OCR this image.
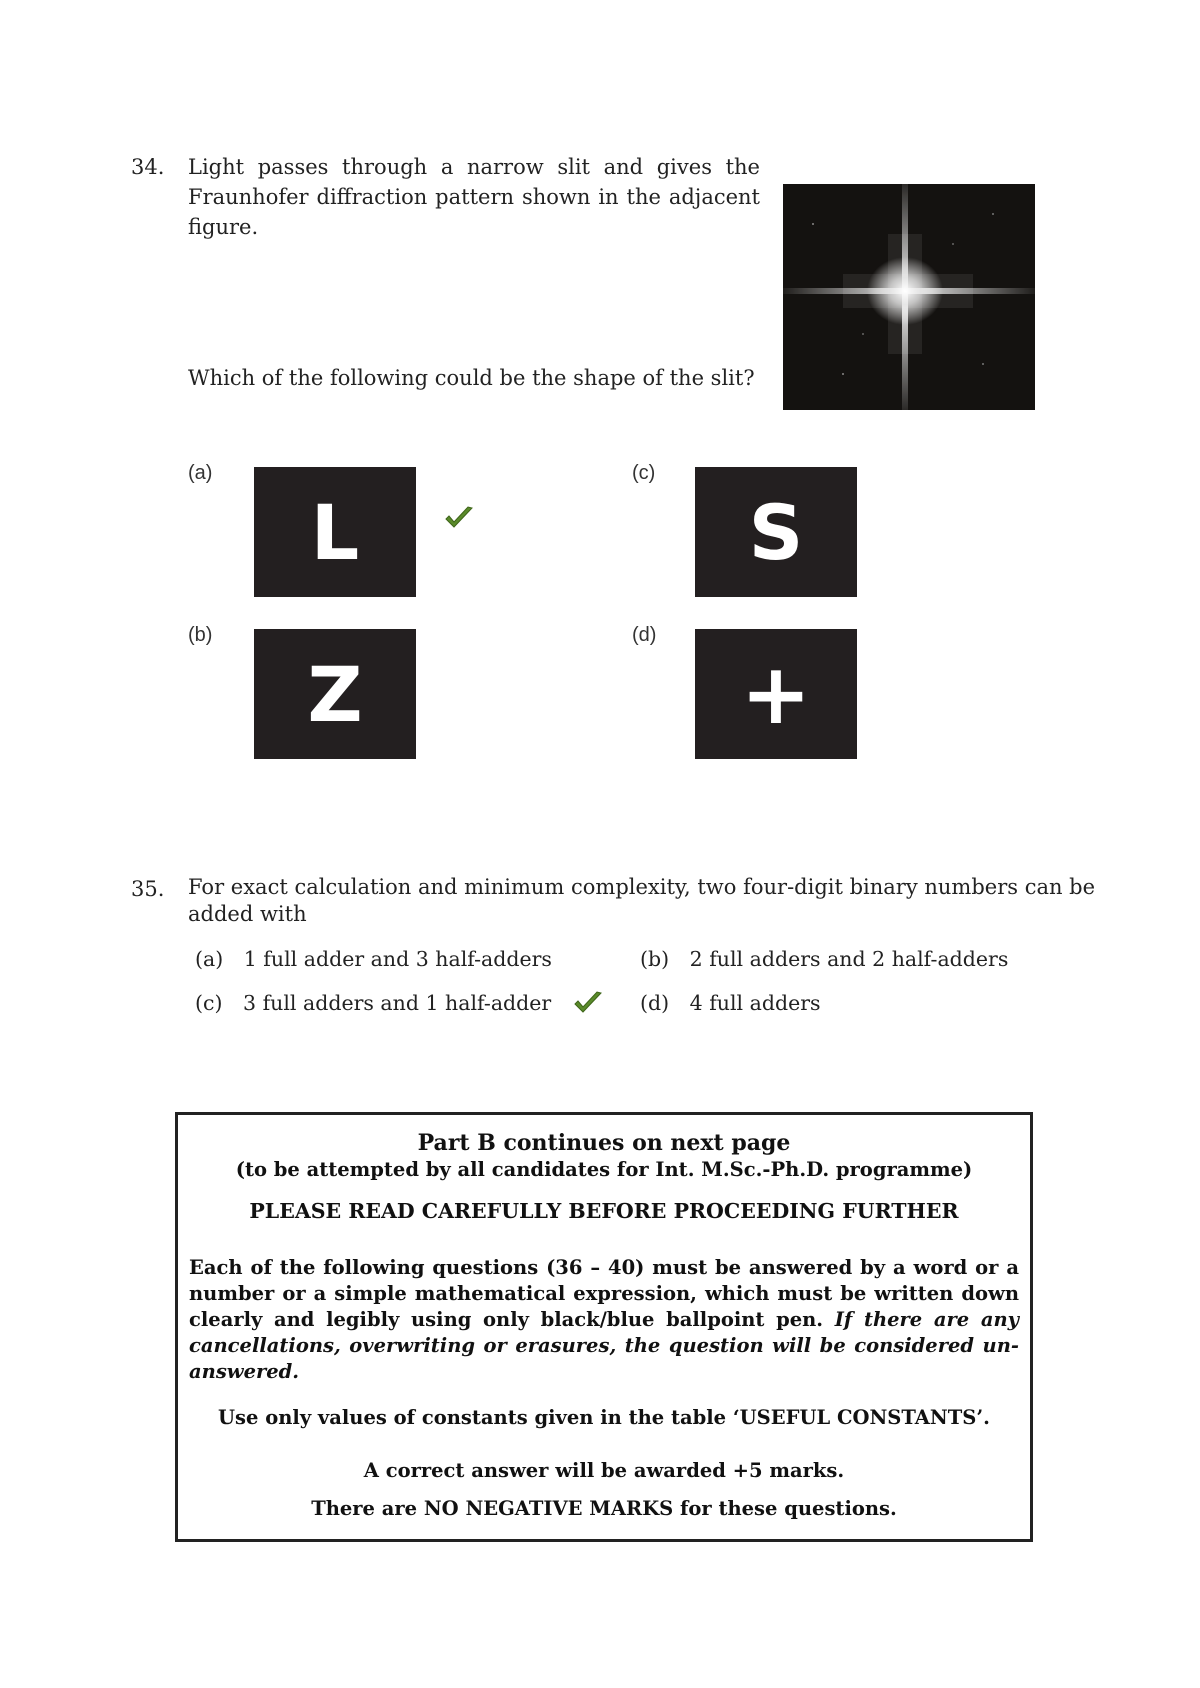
34. Light passes through a narrow slit and gives the Fraunhofer diffraction pattern shown in the adjacent figure.
Which of the following could be the shape of the slit?
(a)
L
(b)
Z
(c)
S
(d)
+
35. For exact calculation and minimum complexity, two four-digit binary numbers can be added with
(a) 1 full adder and 3 half-adders	(b) 2 full adders and 2 half-adders
(c) 3 full adders and 1 half-adder	(d) 4 full adders

Part B continues on next page

(to be attempted by all candidates for Int. M.Sc.-Ph.D. programme)

PLEASE READ CAREFULLY BEFORE PROCEEDING FURTHER

Each of the following questions (36 – 40) must be answered by a word or a number or a simple mathematical expression, which must be written down clearly and legibly using only black/blue ballpoint pen. If there are any cancellations, overwriting or erasures, the question will be considered un-answered.

Use only values of constants given in the table ‘USEFUL CONSTANTS’.

A correct answer will be awarded +5 marks.

There are NO NEGATIVE MARKS for these questions.
